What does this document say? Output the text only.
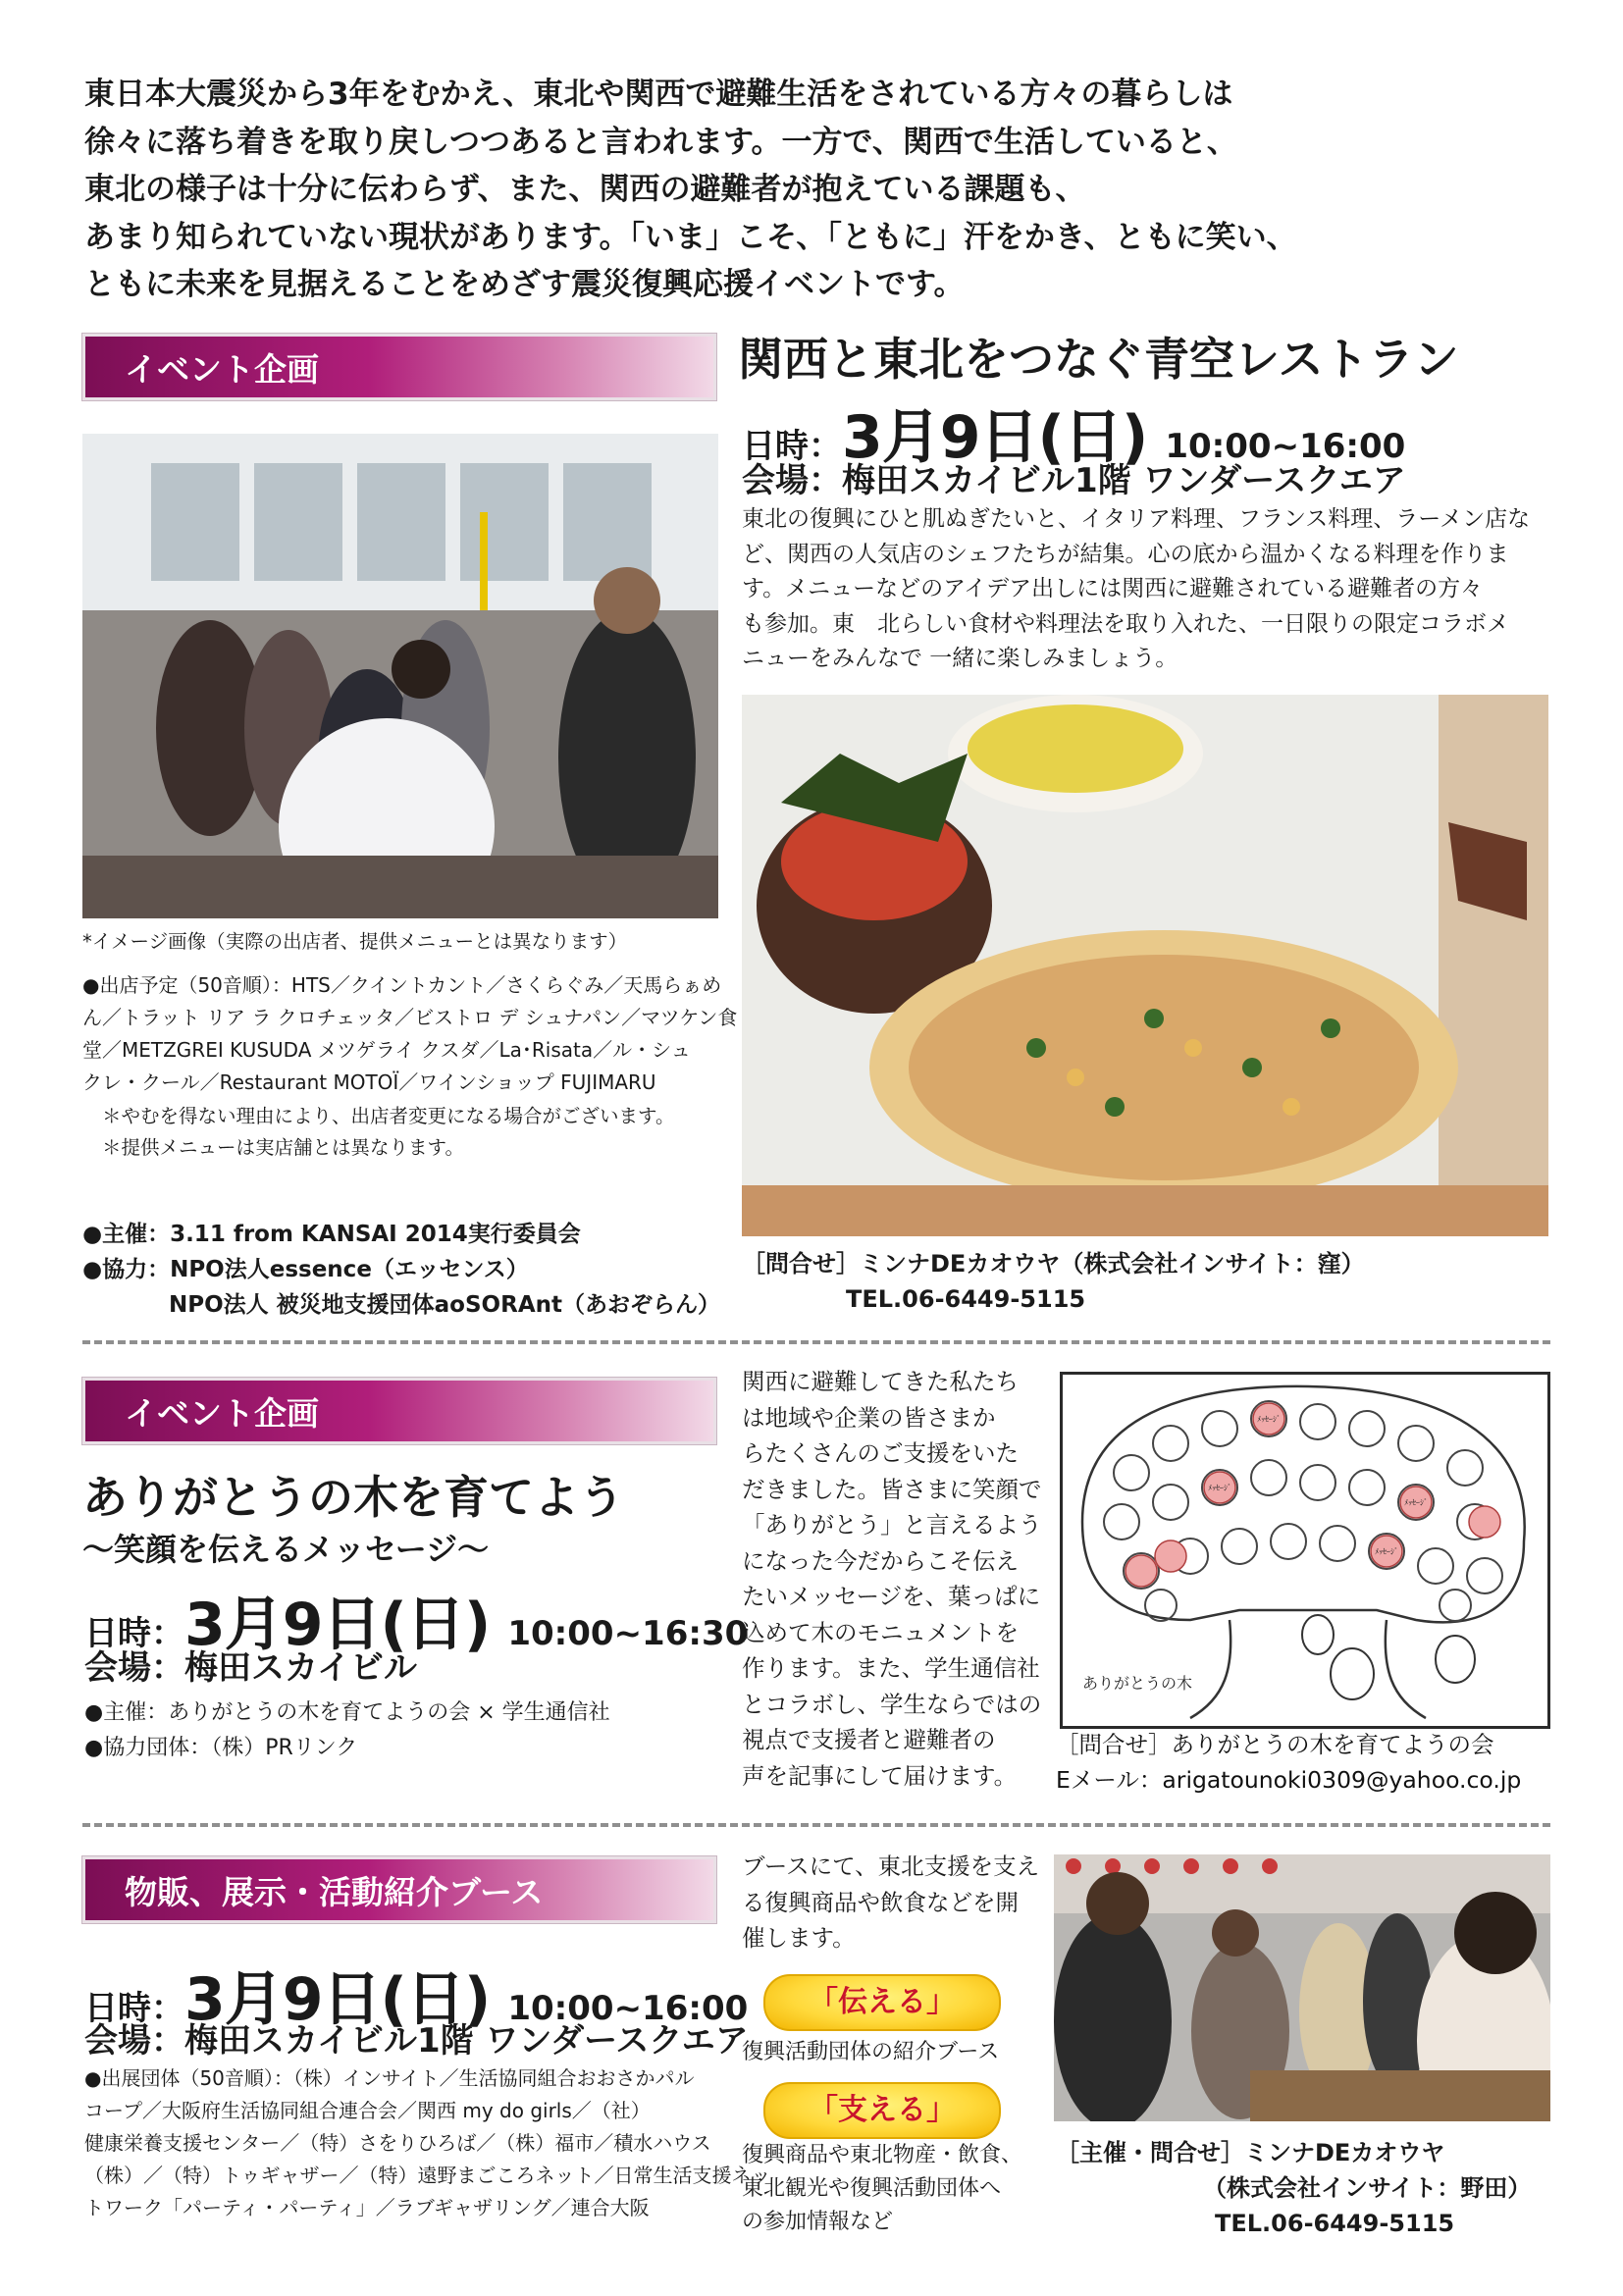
東日本大震災から3年をむかえ、東北や関西で避難生活をされている方々の暮らしは
徐々に落ち着きを取り戻しつつあると言われます。一方で、関西で生活していると、
東北の様子は十分に伝わらず、また、関西の避難者が抱えている課題も、
あまり知られていない現状があります。「いま」こそ、「ともに」汗をかき、ともに笑い、
ともに未来を見据えることをめざす震災復興応援イベントです。
イベント企画	関西と東北をつなぐ青空レストラン
日時：3月9日(日) 10:00~16:00
会場：梅田スカイビル1階 ワンダースクエア
東北の復興にひと肌ぬぎたいと、イタリア料理、フランス料理、ラーメン店な
ど、関西の人気店のシェフたちが結集。心の底から温かくなる料理を作りま
す。メニューなどのアイデア出しには関西に避難されている避難者の方々
も参加。東　北らしい食材や料理法を取り入れた、一日限りの限定コラボメ
ニューをみんなで 一緒に楽しみましょう。
*イメージ画像（実際の出店者、提供メニューとは異なります）
●出店予定（50音順）：HTS／クイントカント／さくらぐみ／天馬らぁめ
ん／トラット リア ラ クロチェッタ／ビストロ デ シュナパン／マツケン食
堂／METZGREI KUSUDA メツゲライ クスダ／La･Risata／ル・シュ
クレ・クール／Restaurant MOTOÏ／ワインショップ FUJIMARU
＊やむを得ない理由により、出店者変更になる場合がございます。
＊提供メニューは実店舗とは異なります。
●主催：3.11 from KANSAI 2014実行委員会
●協力：NPO法人essence（エッセンス）
NPO法人 被災地支援団体aoSORAnt（あおぞらん）
［問合せ］ミンナDEカオウヤ（株式会社インサイト：窪）
TEL.06-6449-5115
イベント企画
ありがとうの木を育てよう
～笑顔を伝えるメッセージ～
日時：3月9日(日) 10:00~16:30
会場：梅田スカイビル
●主催：ありがとうの木を育てようの会 × 学生通信社
●協力団体：（株）PRリンク
関西に避難してきた私たち
は地域や企業の皆さまか
らたくさんのご支援をいた
だきました。皆さまに笑顔で
「ありがとう」と言えるよう
になった今だからこそ伝え
たいメッセージを、葉っぱに
込めて木のモニュメントを
作ります。また、学生通信社
とコラボし、学生ならではの
視点で支援者と避難者の
声を記事にして届けます。
ﾒｯｾｰｼﾞ
ﾒｯｾｰｼﾞ
ﾒｯｾｰｼﾞ
ﾒｯｾｰｼﾞ
ありがとうの木
［問合せ］ありがとうの木を育てようの会
Eメール：arigatounoki0309@yahoo.co.jp
物販、展示・活動紹介ブース
日時：3月9日(日) 10:00~16:00
会場：梅田スカイビル1階 ワンダースクエア
●出展団体（50音順）：（株）インサイト／生活協同組合おおさかパル
コープ／大阪府生活協同組合連合会／関西 my do girls／（社）
健康栄養支援センター／（特）さをりひろば／（株）福市／積水ハウス
（株）／（特）トゥギャザー／（特）遠野まごころネット／日常生活支援ネッ
トワーク「パーティ・パーティ」／ラブギャザリング／連合大阪
ブースにて、東北支援を支え
る復興商品や飲食などを開
催します。
「伝える」
復興活動団体の紹介ブース
「支える」
復興商品や東北物産・飲食、
東北観光や復興活動団体へ
の参加情報など
［主催・問合せ］ミンナDEカオウヤ
（株式会社インサイト：野田）
TEL.06-6449-5115
